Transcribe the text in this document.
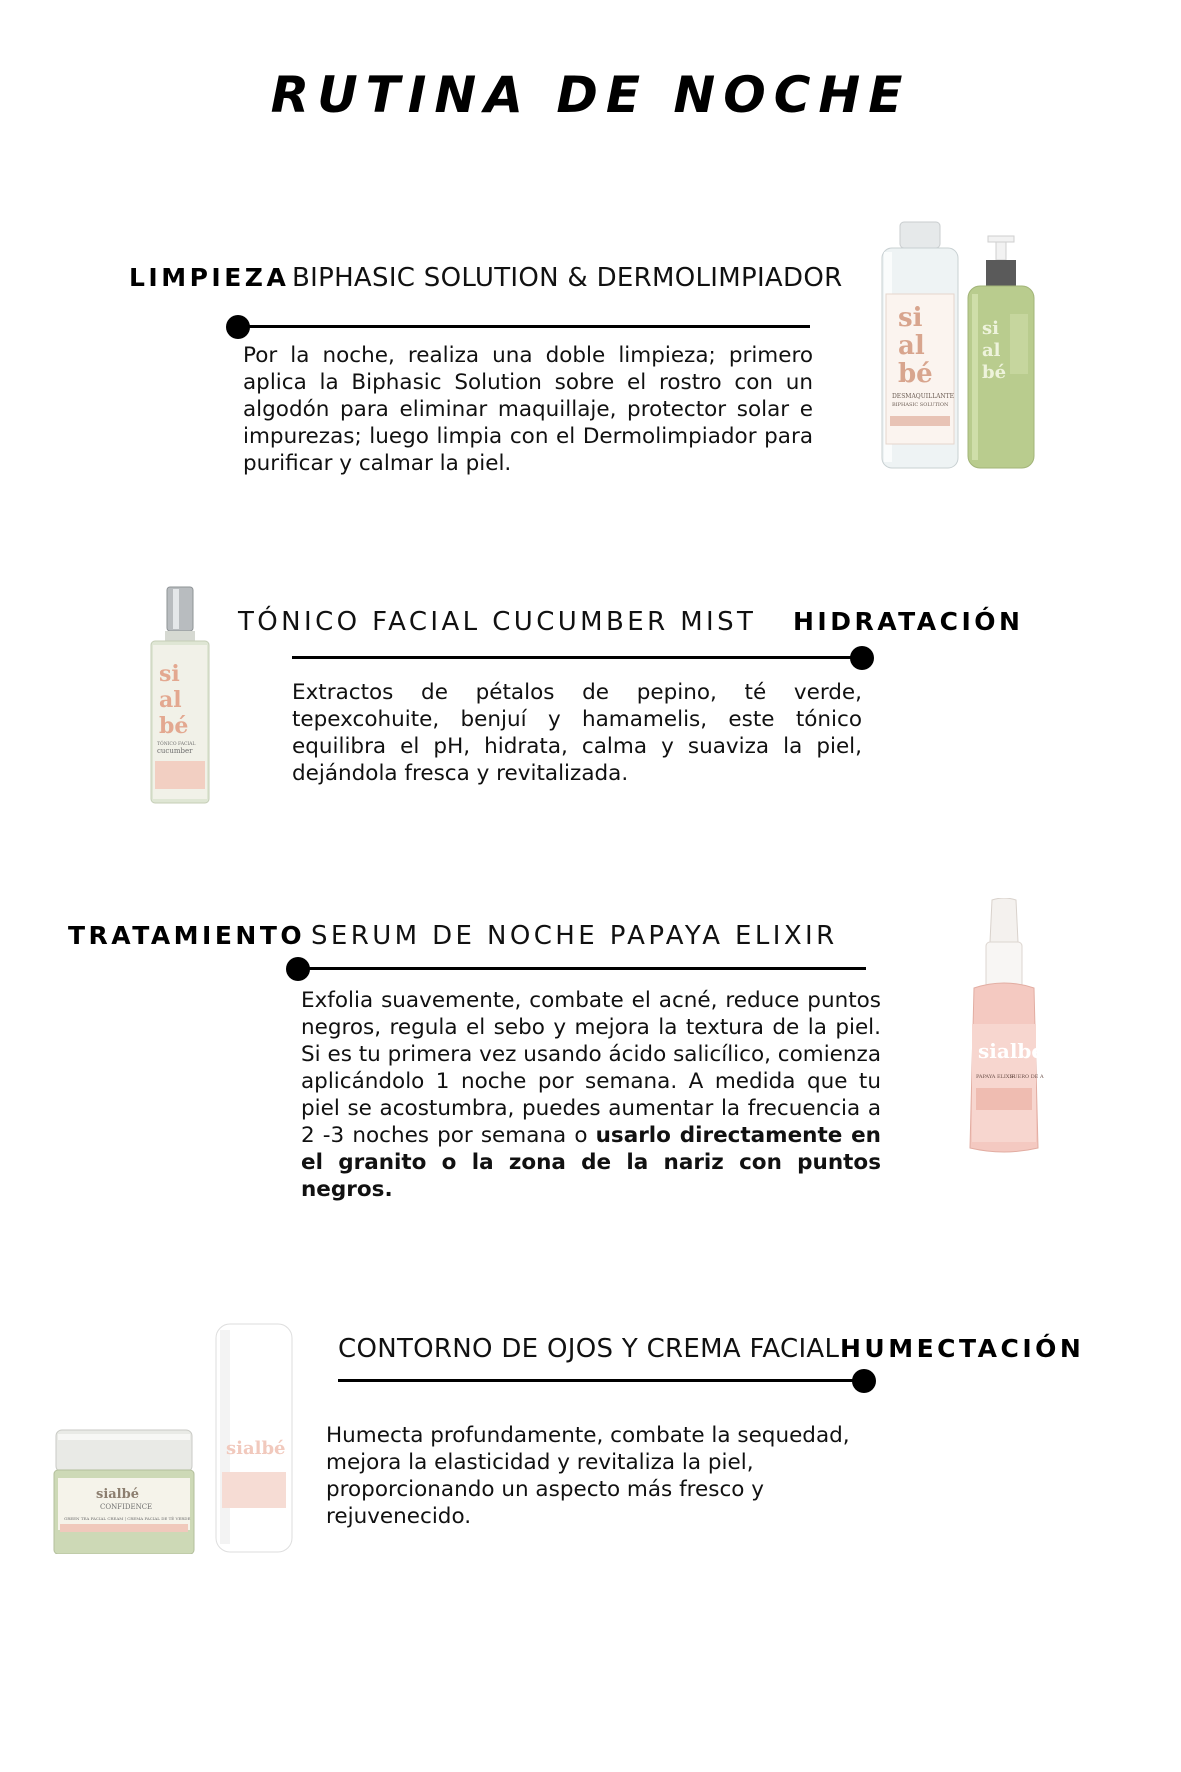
RUTINA DE NOCHE
LIMPIEZA BIPHASIC SOLUTION & DERMOLIMPIADOR
Por la noche, realiza una doble limpieza; primero aplica la Biphasic Solution sobre el rostro con un algodón para eliminar maquillaje, protector solar e impurezas; luego limpia con el Dermolimpiador para purificar y calmar la piel.
si
al
bé
DESMAQUILLANTE
BIPHASIC SOLUTION
si
al
bé
TÓNICO FACIAL CUCUMBER MIST HIDRATACIÓN
Extractos de pétalos de pepino, té verde, tepexcohuite, benjuí y hamamelis, este tónico equilibra el pH, hidrata, calma y suaviza la piel, dejándola fresca y revitalizada.
si
al
bé
TÓNICO FACIAL
cucumber
TRATAMIENTO SERUM DE NOCHE PAPAYA ELIXIR
Exfolia suavemente, combate el acné, reduce puntos negros, regula el sebo y mejora la textura de la piel. Si es tu primera vez usando ácido salicílico, comienza aplicándolo 1 noche por semana. A medida que tu piel se acostumbra, puedes aumentar la frecuencia a 2 -3 noches por semana o usarlo directamente en el granito o la zona de la nariz con puntos negros.
sialbé
PAPAYA ELIXIR
SUERO DE A
CONTORNO DE OJOS Y CREMA FACIAL HUMECTACIÓN
Humecta profundamente, combate la sequedad, mejora la elasticidad y revitaliza la piel, proporcionando un aspecto más fresco y rejuvenecido.
sialbé
sialbé
CONFIDENCE
GREEN TEA FACIAL CREAM | CREMA FACIAL DE TÉ VERDE
